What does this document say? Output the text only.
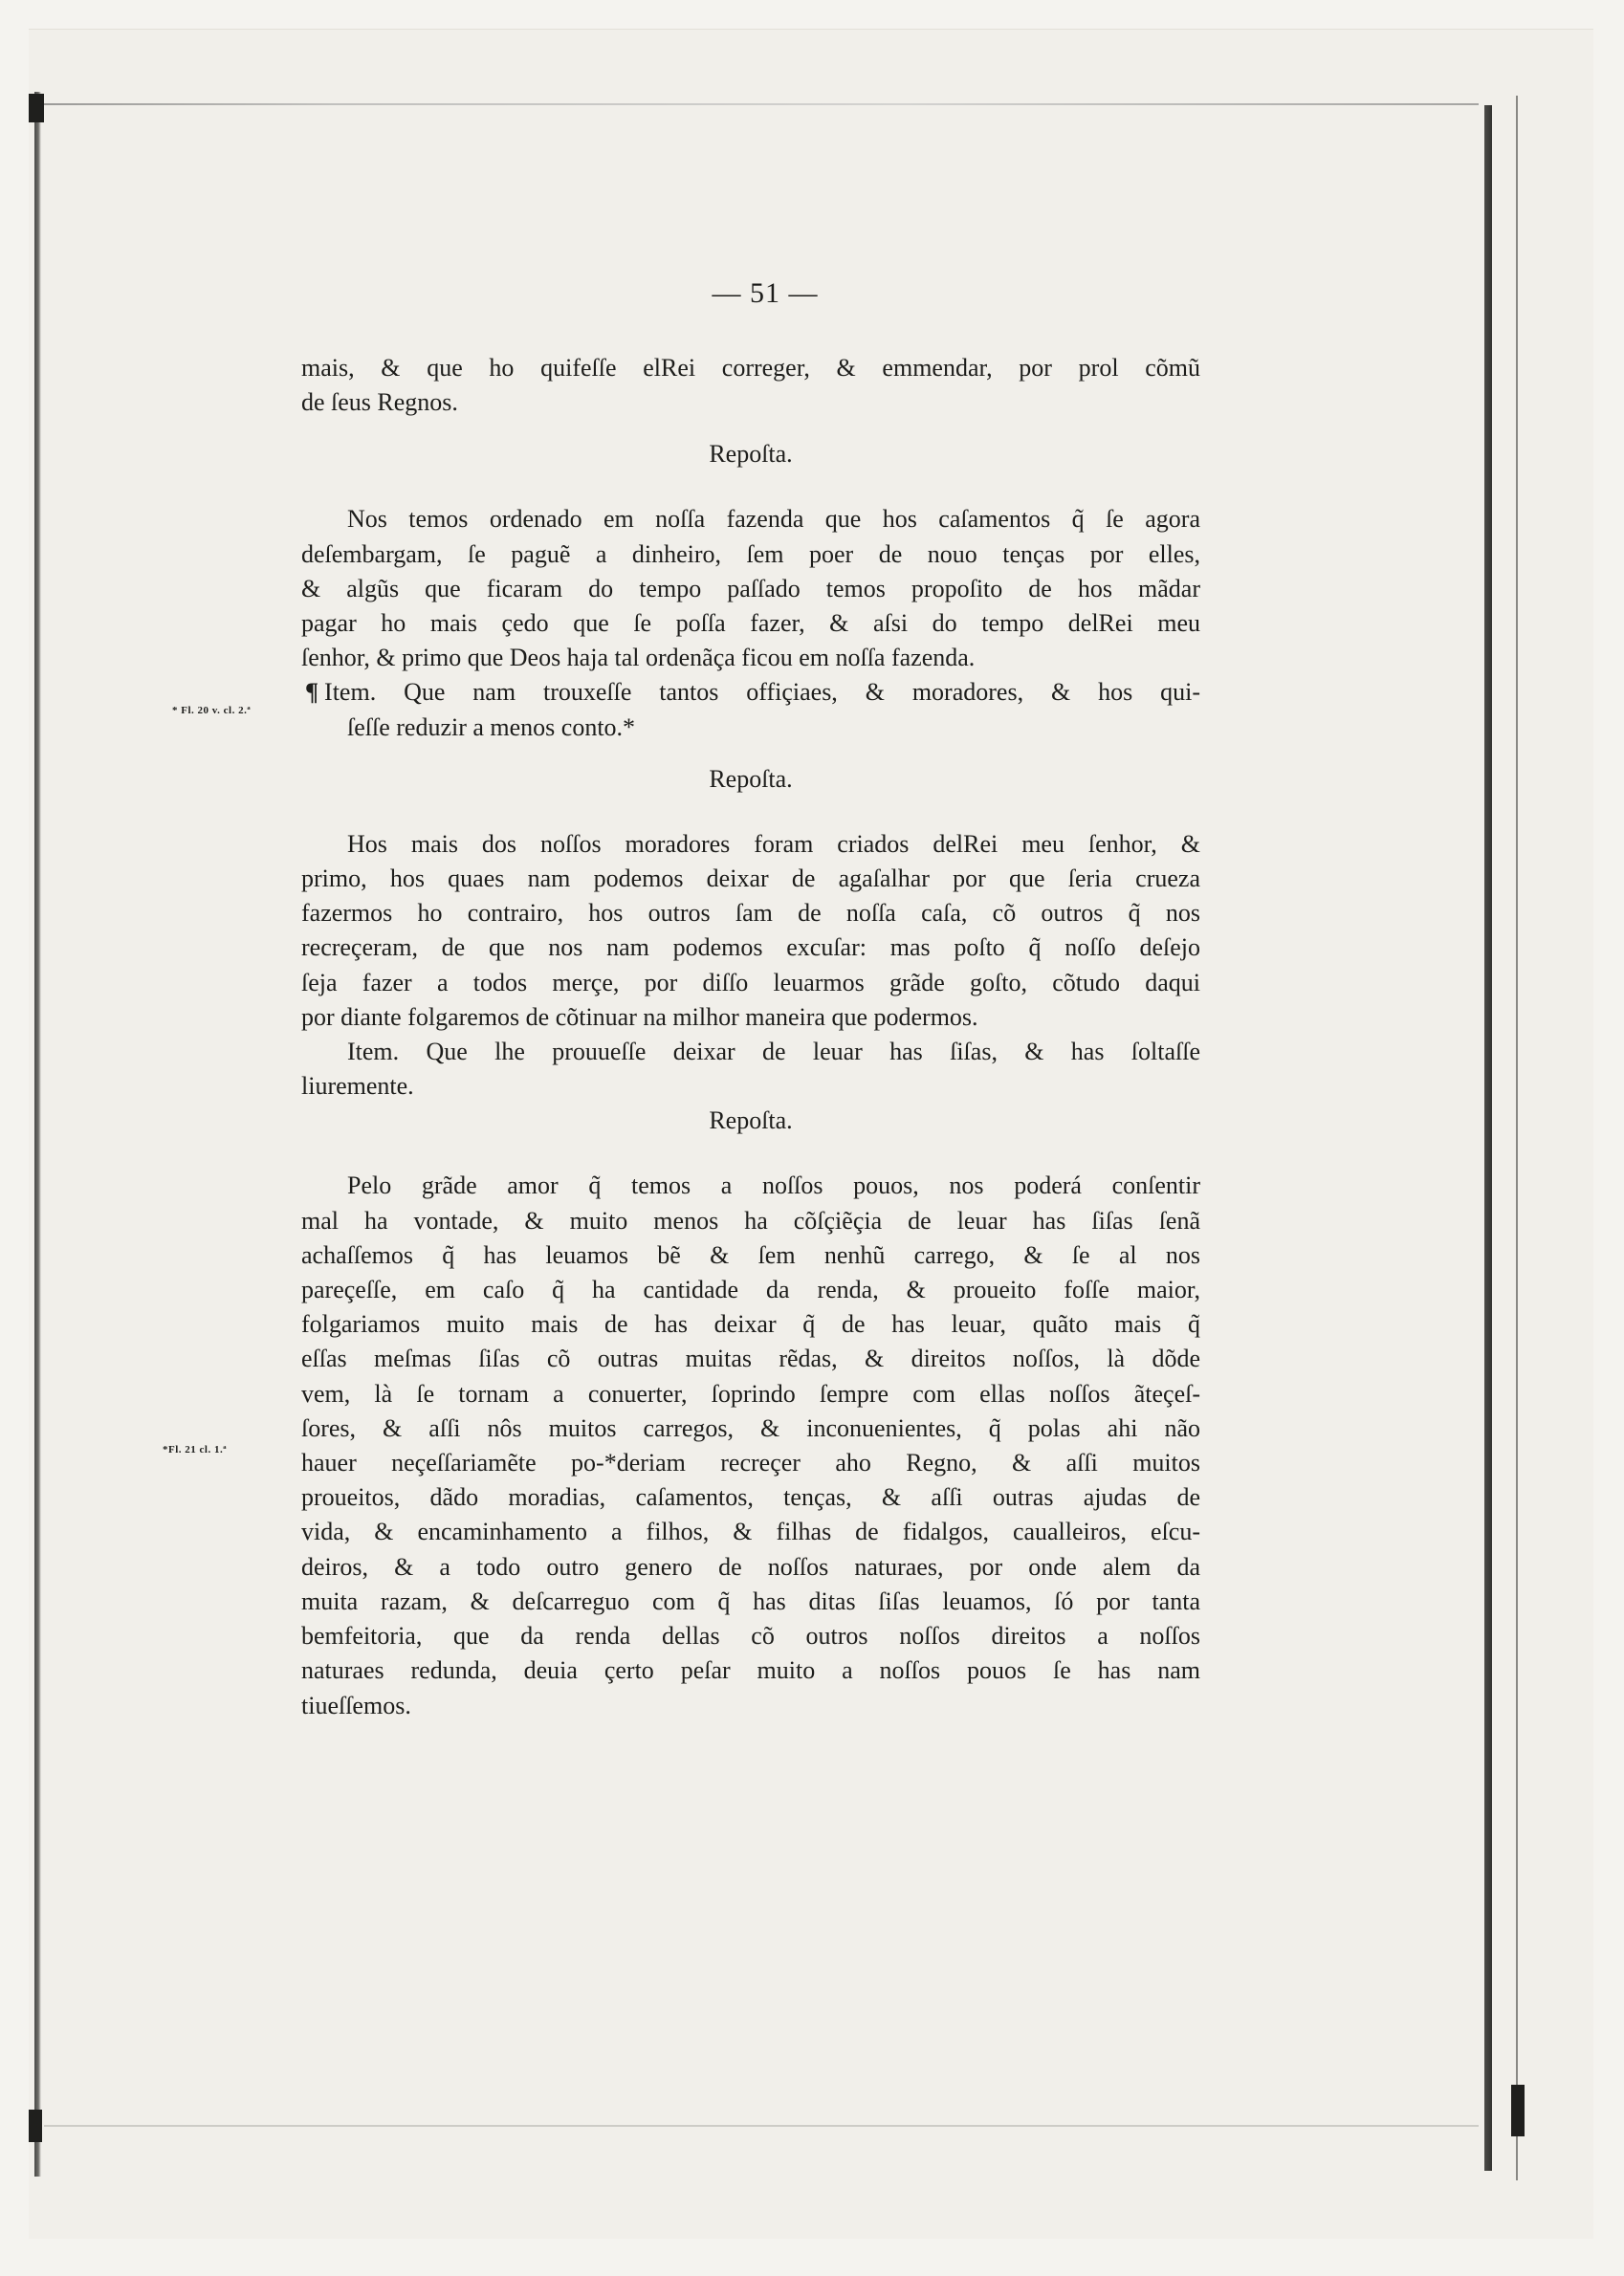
— 51 —
* Fl. 20 v. cl. 2.ª
*Fl. 21 cl. 1.ª
mais, & que ho quifeſſe elRei correger, & emmendar, por prol cõmũ
de ſeus Regnos.

Repoſta.

Nos temos ordenado em noſſa fazenda que hos caſamentos q̃ ſe agora
deſembargam, ſe paguẽ a dinheiro, ſem poer de nouo tenças por elles,
& algũs que ficaram do tempo paſſado temos propoſito de hos mãdar
pagar ho mais çedo que ſe poſſa fazer, & aſsi do tempo delRei meu
ſenhor, & primo que Deos haja tal ordenãça ficou em noſſa fazenda.
¶ Item. Que nam trouxeſſe tantos offiçiaes, & moradores, & hos qui-
ſeſſe reduzir a menos conto.*

Repoſta.

Hos mais dos noſſos moradores foram criados delRei meu ſenhor, &
primo, hos quaes nam podemos deixar de agaſalhar por que ſeria crueza
fazermos ho contrairo, hos outros ſam de noſſa caſa, cõ outros q̃ nos
recreçeram, de que nos nam podemos excuſar: mas poſto q̃ noſſo deſejo
ſeja fazer a todos merçe, por diſſo leuarmos grãde goſto, cõtudo daqui
por diante folgaremos de cõtinuar na milhor maneira que podermos.
Item. Que lhe prouueſſe deixar de leuar has ſiſas, & has ſoltaſſe
liuremente.

Repoſta.

Pelo grãde amor q̃ temos a noſſos pouos, nos poderá conſentir
mal ha vontade, & muito menos ha cõſçiẽçia de leuar has ſiſas ſenã
achaſſemos q̃ has leuamos bẽ & ſem nenhũ carrego, & ſe al nos
pareçeſſe, em caſo q̃ ha cantidade da renda, & proueito foſſe maior,
folgariamos muito mais de has deixar q̃ de has leuar, quãto mais q̃
eſſas meſmas ſiſas cõ outras muitas rẽdas, & direitos noſſos, là dõde
vem, là ſe tornam a conuerter, ſoprindo ſempre com ellas noſſos ãteçeſ-
ſores, & aſſi nôs muitos carregos, & inconuenientes, q̃ polas ahi não
hauer neçeſſariamẽte po-*deriam recreçer aho Regno, & aſſi muitos
proueitos, dãdo moradias, caſamentos, tenças, & aſſi outras ajudas de
vida, & encaminhamento a filhos, & filhas de fidalgos, caualleiros, eſcu-
deiros, & a todo outro genero de noſſos naturaes, por onde alem da
muita razam, & deſcarreguo com q̃ has ditas ſiſas leuamos, ſó por tanta
bemfeitoria, que da renda dellas cõ outros noſſos direitos a noſſos
naturaes redunda, deuia çerto peſar muito a noſſos pouos ſe has nam
tiueſſemos.
